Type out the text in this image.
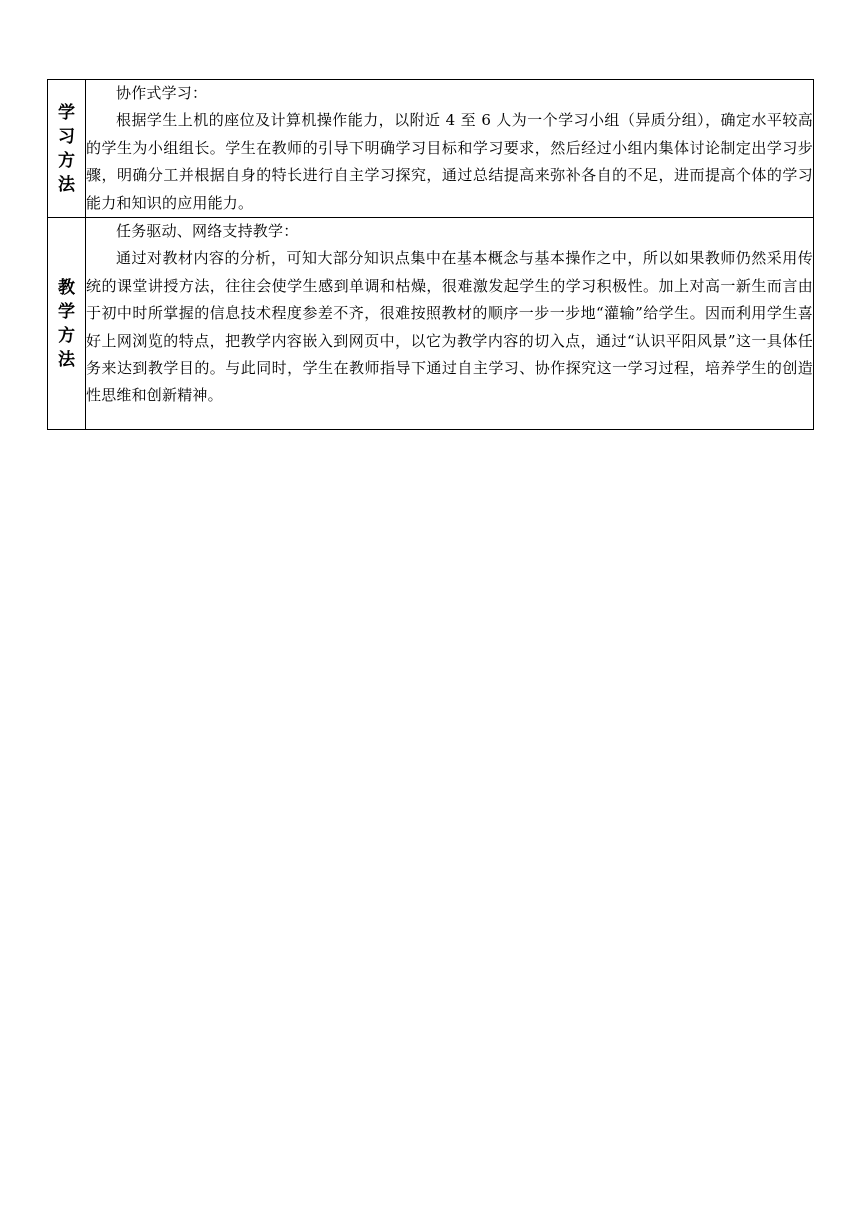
学习方法	协作式学习：

根据学生上机的座位及计算机操作能力，以附近 4 至 6 人为一个学习小组（异质分组），确定水平较高的学生为小组组长。学生在教师的引导下明确学习目标和学习要求，然后经过小组内集体讨论制定出学习步骤，明确分工并根据自身的特长进行自主学习探究，通过总结提高来弥补各自的不足，进而提高个体的学习能力和知识的应用能力。

教学方法	任务驱动、网络支持教学：

通过对教材内容的分析，可知大部分知识点集中在基本概念与基本操作之中，所以如果教师仍然采用传统的课堂讲授方法，往往会使学生感到单调和枯燥，很难激发起学生的学习积极性。加上对高一新生而言由于初中时所掌握的信息技术程度参差不齐，很难按照教材的顺序一步一步地“灌输”给学生。因而利用学生喜好上网浏览的特点，把教学内容嵌入到网页中，以它为教学内容的切入点，通过“认识平阳风景”这一具体任务来达到教学目的。与此同时，学生在教师指导下通过自主学习、协作探究这一学习过程，培养学生的创造性思维和创新精神。
